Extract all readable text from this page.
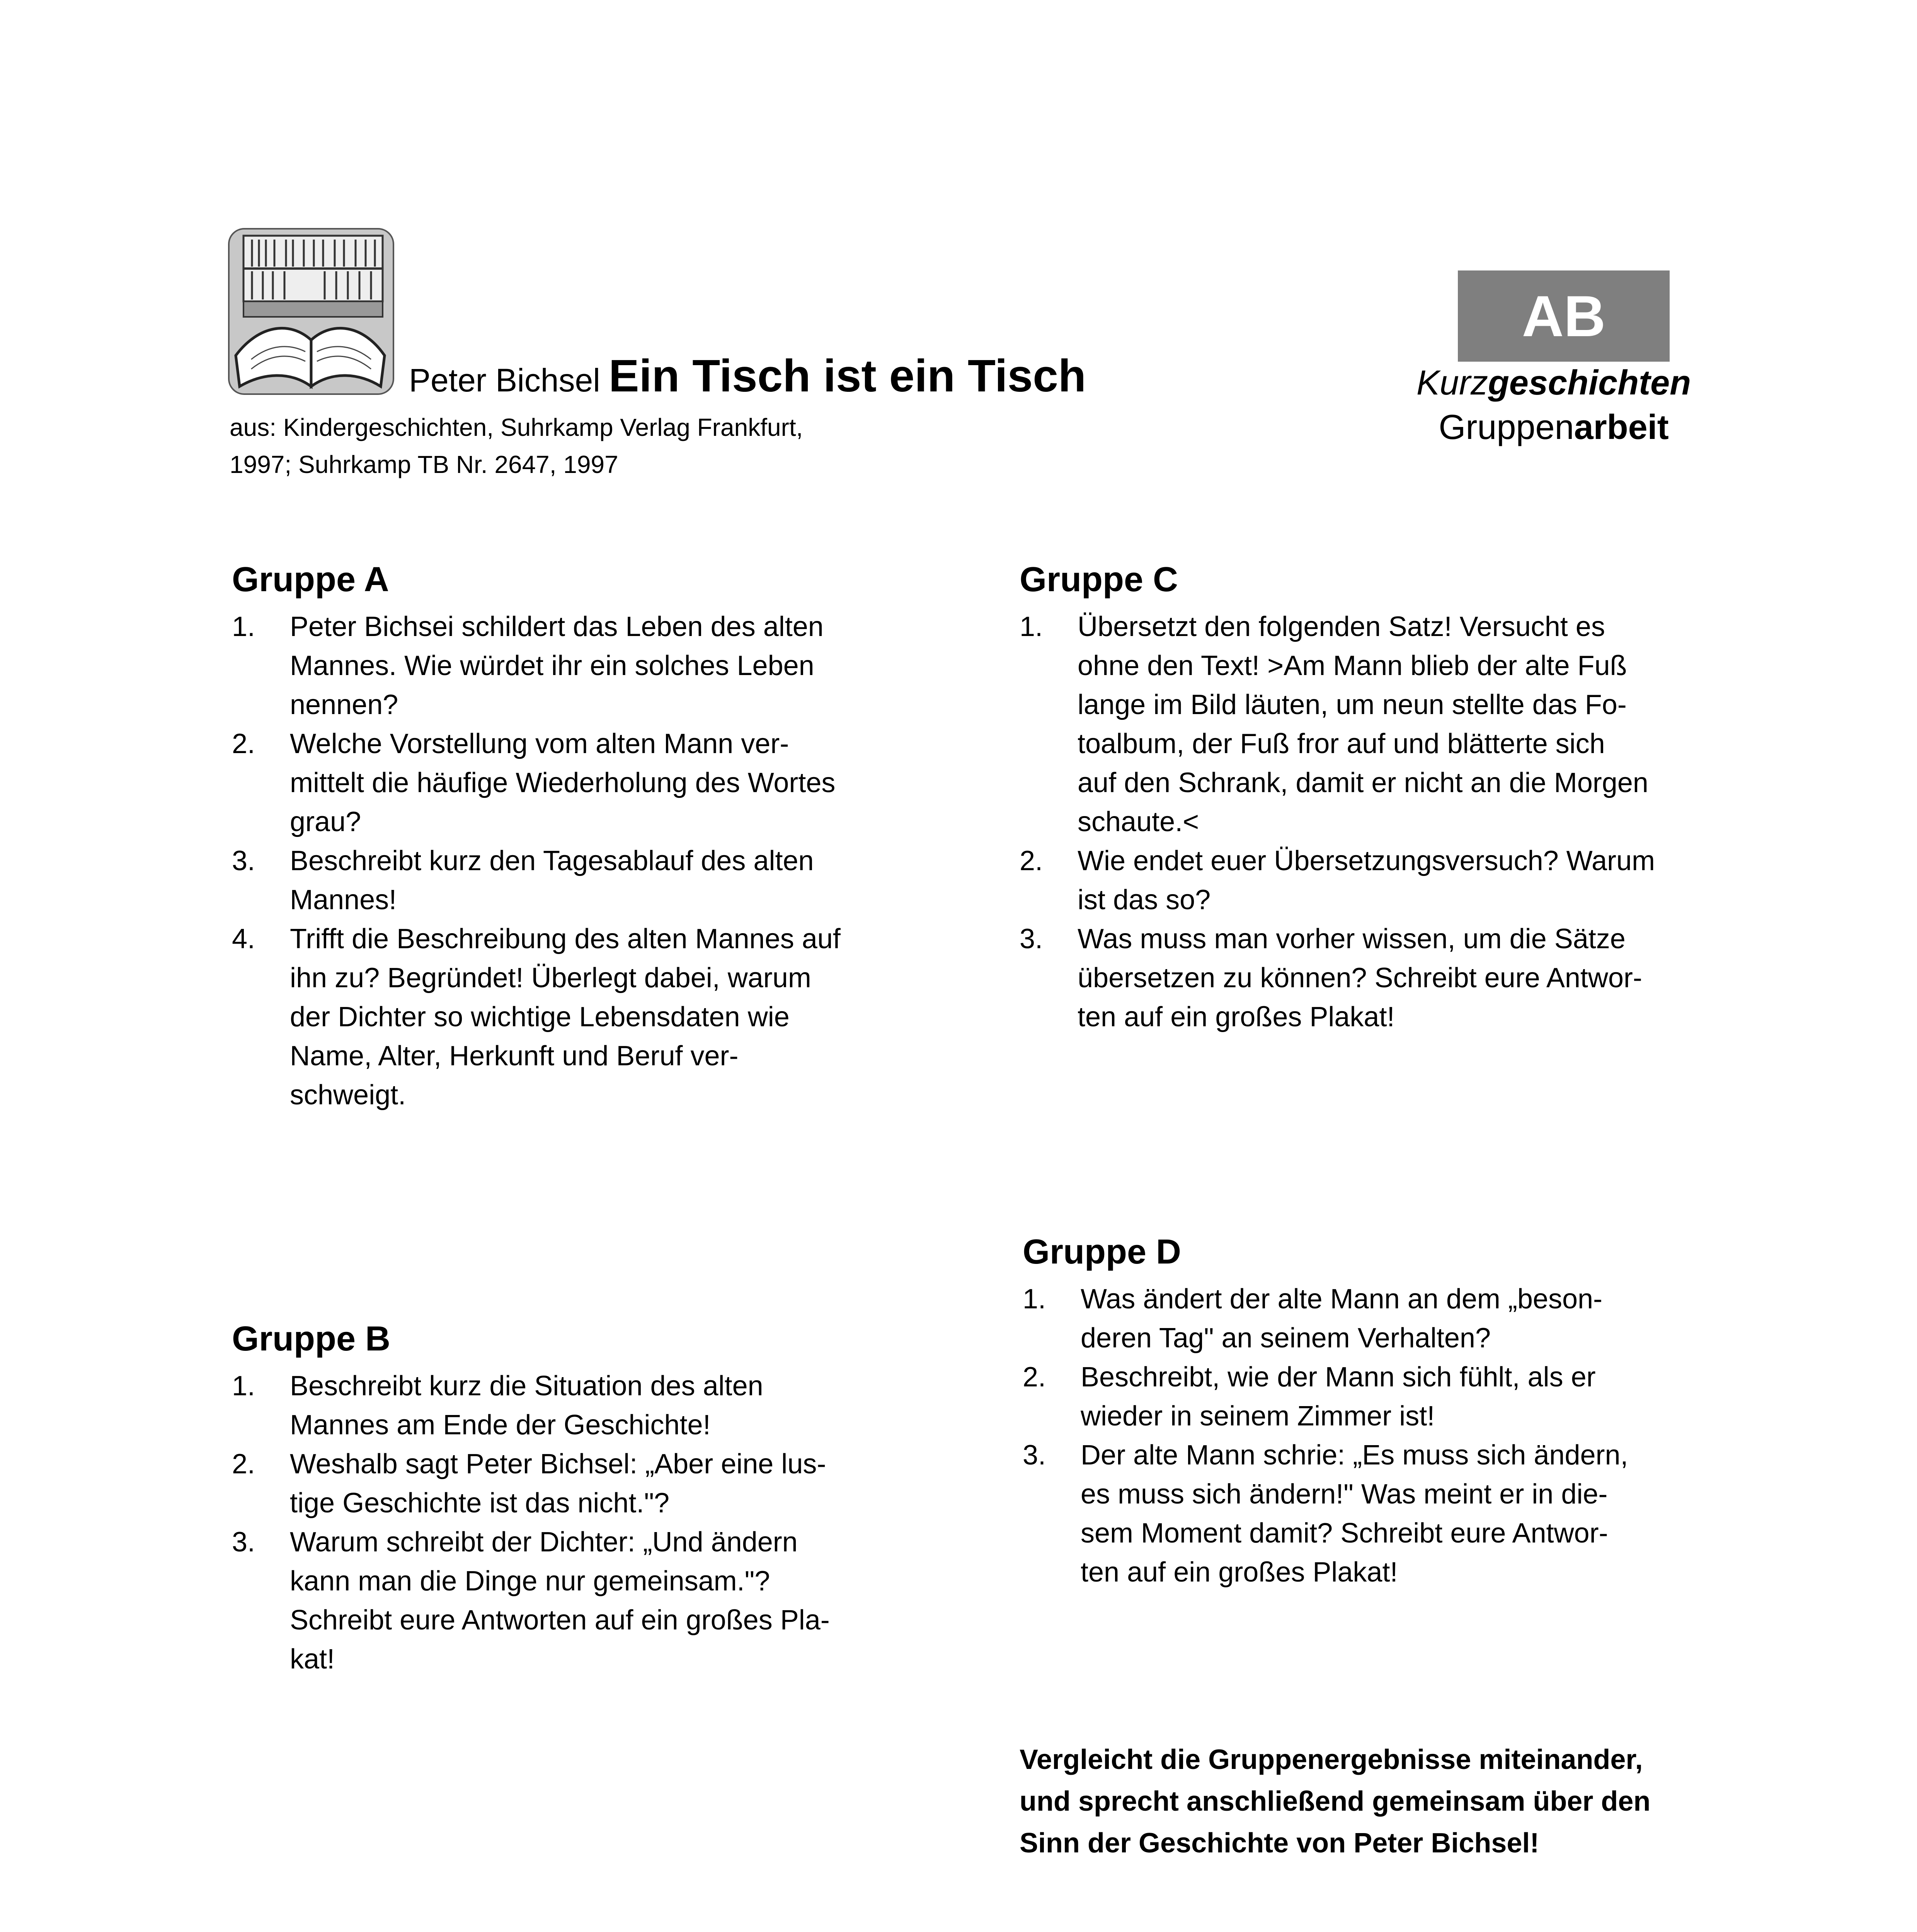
Peter Bichsel Ein Tisch ist ein Tisch
aus: Kindergeschichten, Suhrkamp Verlag Frankfurt,
1997; Suhrkamp TB Nr. 2647, 1997
AB
Kurzgeschichten
Gruppenarbeit
Gruppe A
1. Peter Bichsei schildert das Leben des alten
Mannes. Wie würdet ihr ein solches Leben
nennen?
2. Welche Vorstellung vom alten Mann ver-
mittelt die häufige Wiederholung des Wortes
grau?
3. Beschreibt kurz den Tagesablauf des alten
Mannes!
4. Trifft die Beschreibung des alten Mannes auf
ihn zu? Begründet! Überlegt dabei, warum
der Dichter so wichtige Lebensdaten wie
Name, Alter, Herkunft und Beruf ver-
schweigt.
Gruppe C
1. Übersetzt den folgenden Satz! Versucht es
ohne den Text! >Am Mann blieb der alte Fuß
lange im Bild läuten, um neun stellte das Fo-
toalbum, der Fuß fror auf und blätterte sich
auf den Schrank, damit er nicht an die Morgen
schaute.<
2. Wie endet euer Übersetzungsversuch? Warum
ist das so?
3. Was muss man vorher wissen, um die Sätze
übersetzen zu können? Schreibt eure Antwor-
ten auf ein großes Plakat!
Gruppe B
1. Beschreibt kurz die Situation des alten
Mannes am Ende der Geschichte!
2. Weshalb sagt Peter Bichsel: „Aber eine lus-
tige Geschichte ist das nicht."?
3. Warum schreibt der Dichter: „Und ändern
kann man die Dinge nur gemeinsam."?
Schreibt eure Antworten auf ein großes Pla-
kat!
Gruppe D
1. Was ändert der alte Mann an dem „beson-
deren Tag" an seinem Verhalten?
2. Beschreibt, wie der Mann sich fühlt, als er
wieder in seinem Zimmer ist!
3. Der alte Mann schrie: „Es muss sich ändern,
es muss sich ändern!" Was meint er in die-
sem Moment damit? Schreibt eure Antwor-
ten auf ein großes Plakat!
Vergleicht die Gruppenergebnisse miteinander,
und sprecht anschließend gemeinsam über den
Sinn der Geschichte von Peter Bichsel!
